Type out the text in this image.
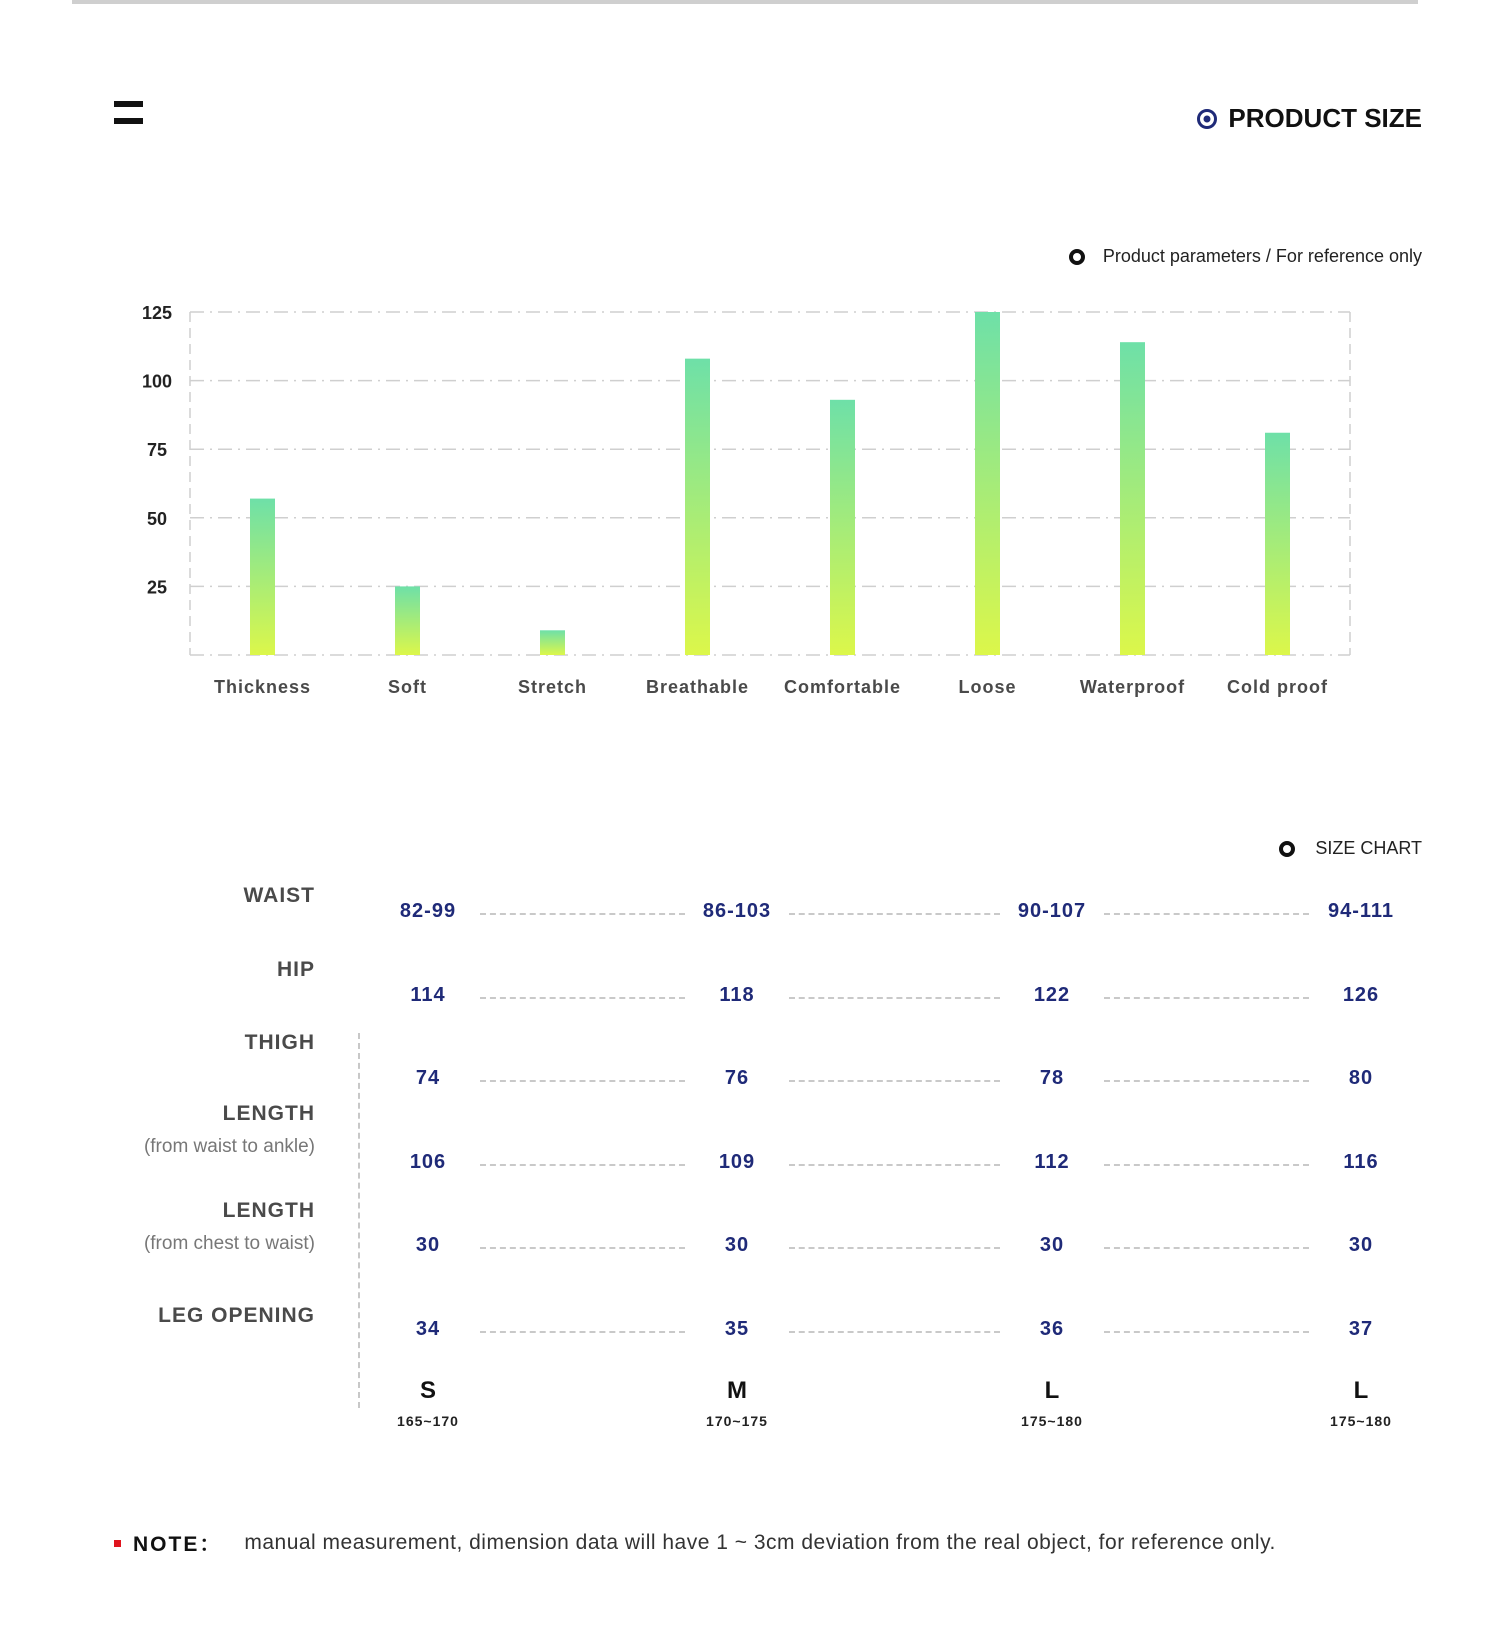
PRODUCT SIZE
Product parameters / For reference only
25
50
75
100
125
Thickness	Soft	Stretch	Breathable Comfortable	Loose	Waterproof Cold proof
SIZE CHART
WAIST
82-99	86-103	90-107	94-111
HIP
114	118	122	126
THIGH
74	76	78	80
LENGTH
(from waist to ankle)
106	109	112	116
LENGTH
(from chest to waist)	30	30	30	30
LEG OPENING
34	35	36	37
S
165~170
M
170~175
L
175~180
L
175~180
NOTE： manual measurement, dimension data will have 1 ~ 3cm deviation from the real object, for reference only.
